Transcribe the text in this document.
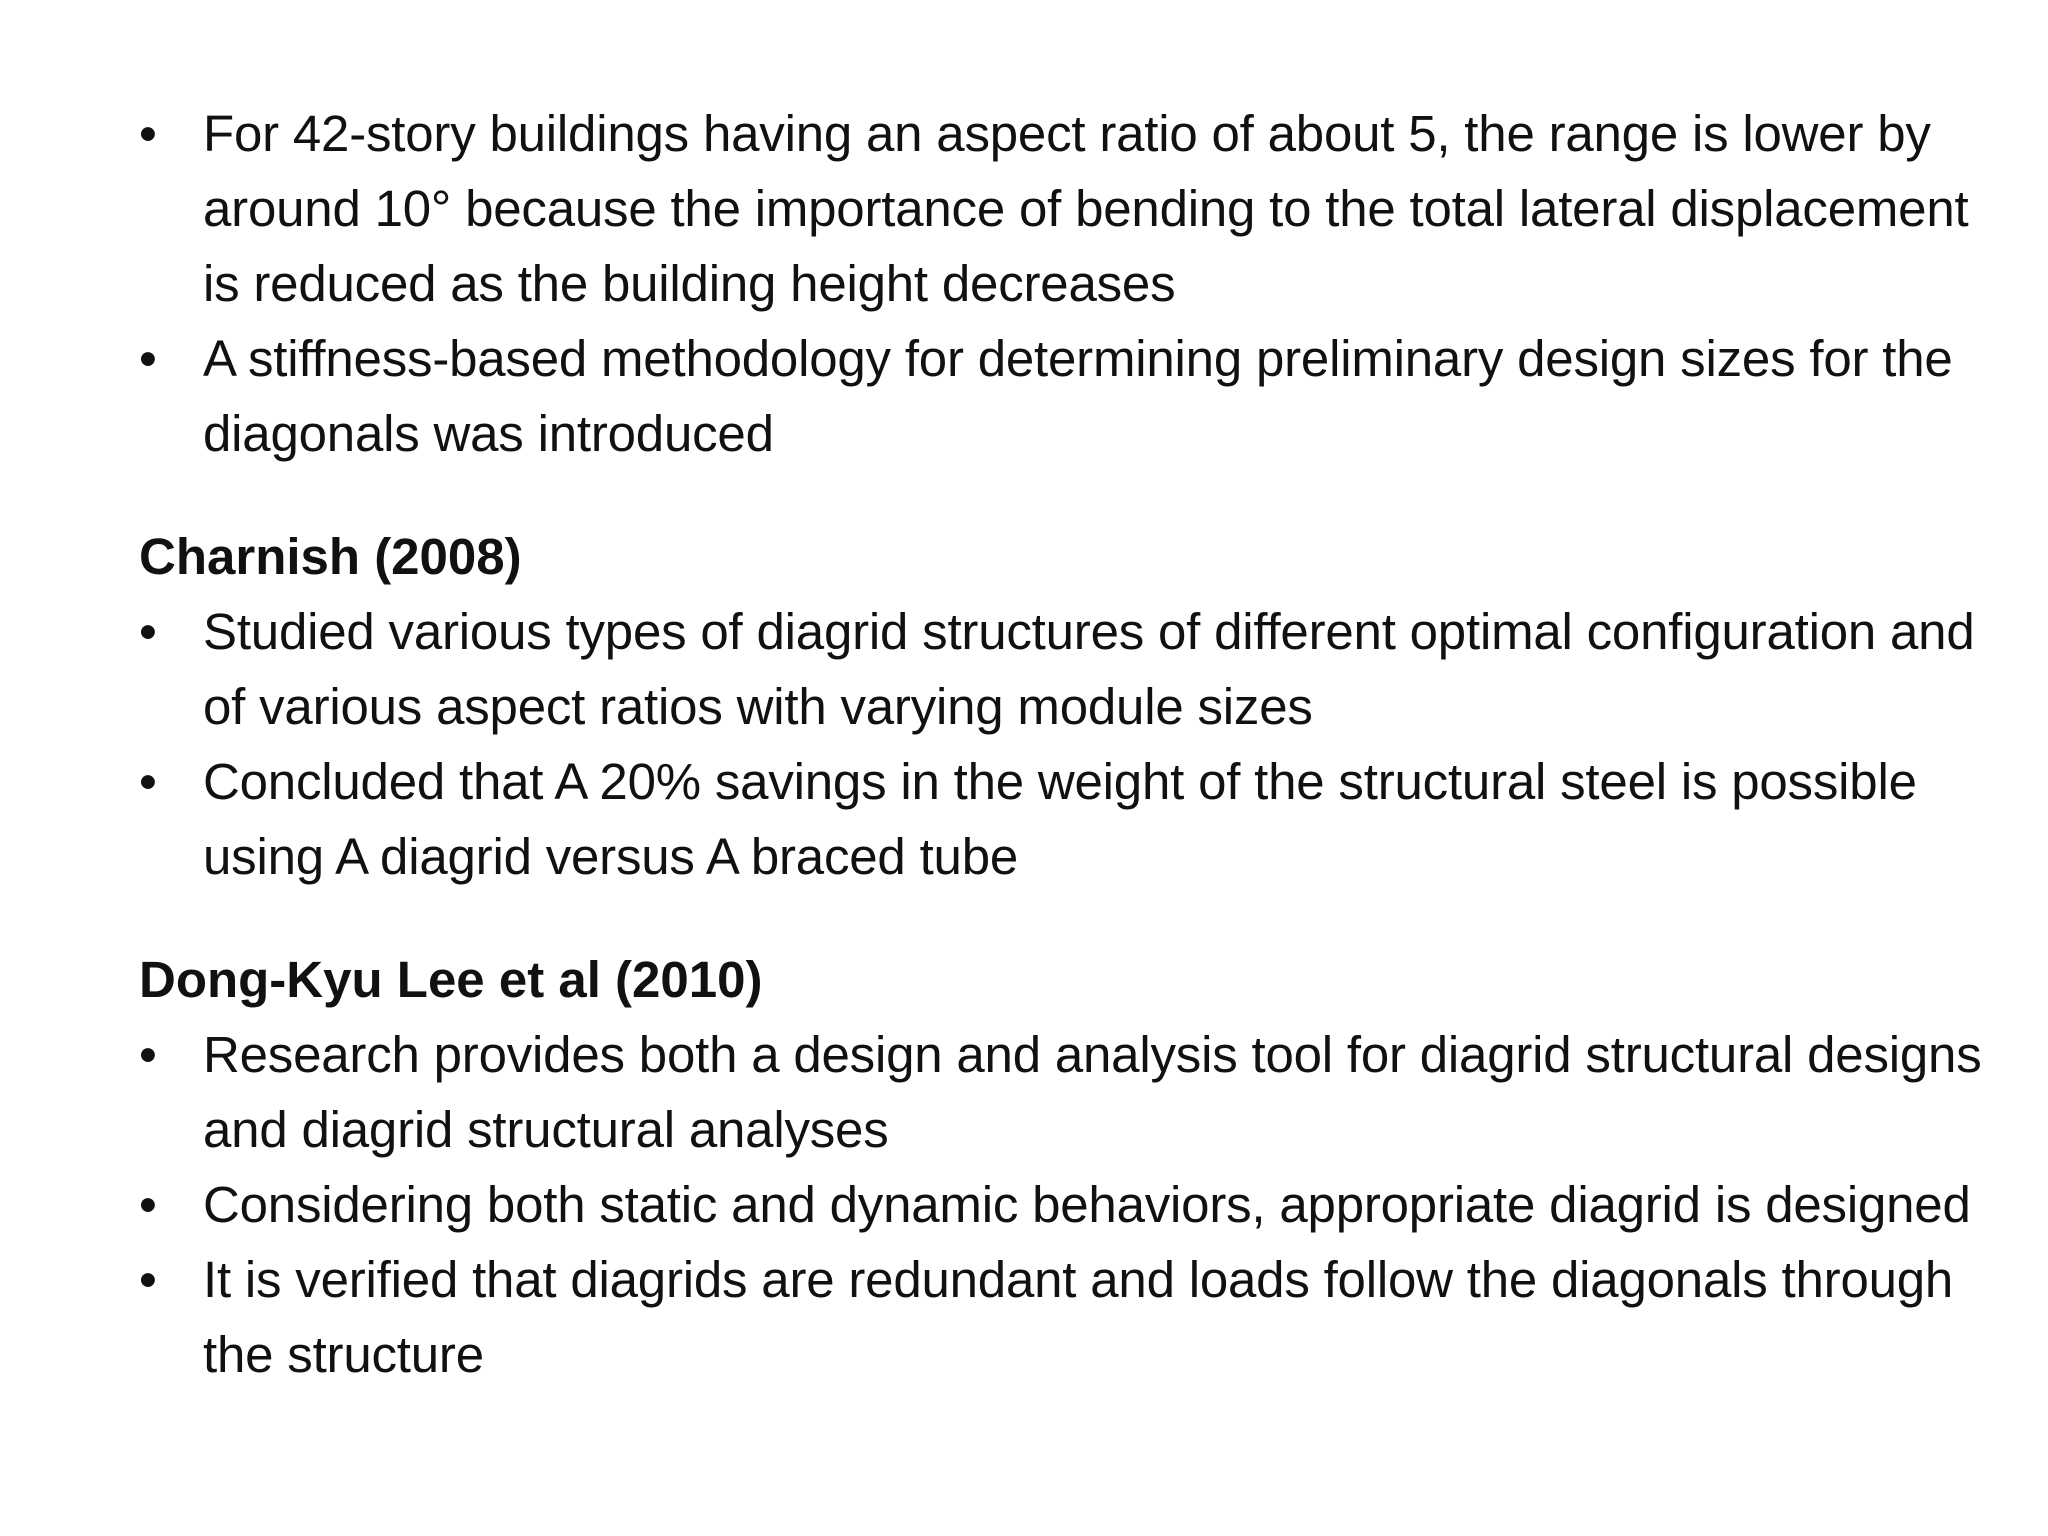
• For 42-story buildings having an aspect ratio of about 5, the range is lower by around 10° because the importance of bending to the total lateral displacement is reduced as the building height decreases
• A stiffness-based methodology for determining preliminary design sizes for the diagonals was introduced
Charnish (2008)
• Studied various types of diagrid structures of different optimal configuration and of various aspect ratios with varying module sizes
• Concluded that A 20% savings in the weight of the structural steel is possible using A diagrid versus A braced tube
Dong-Kyu Lee et al (2010)
• Research provides both a design and analysis tool for diagrid structural designs and diagrid structural analyses
• Considering both static and dynamic behaviors, appropriate diagrid is designed
• It is verified that diagrids are redundant and loads follow the diagonals through the structure
